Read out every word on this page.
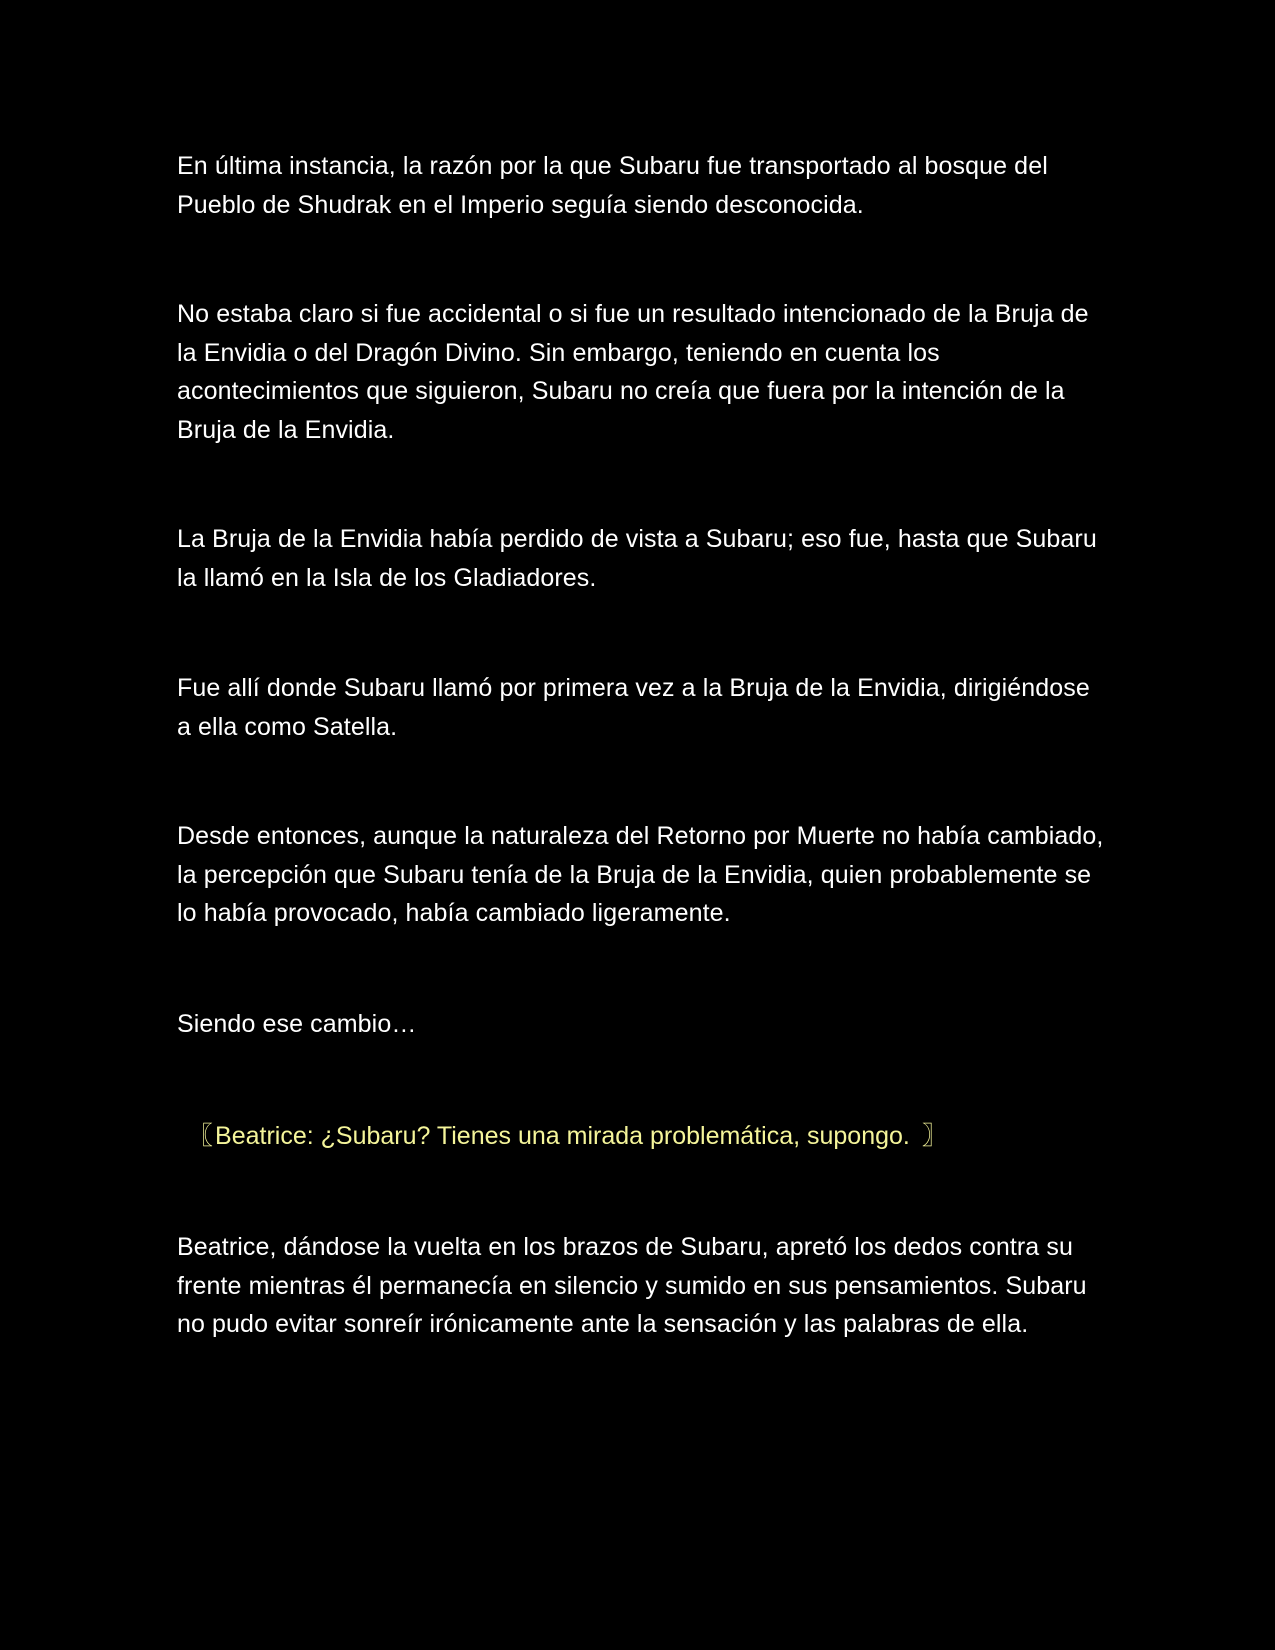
En última instancia, la razón por la que Subaru fue transportado al bosque del Pueblo de Shudrak en el Imperio seguía siendo desconocida.

No estaba claro si fue accidental o si fue un resultado intencionado de la Bruja de la Envidia o del Dragón Divino. Sin embargo, teniendo en cuenta los acontecimientos que siguieron, Subaru no creía que fuera por la intención de la Bruja de la Envidia.

La Bruja de la Envidia había perdido de vista a Subaru; eso fue, hasta que Subaru la llamó en la Isla de los Gladiadores.

Fue allí donde Subaru llamó por primera vez a la Bruja de la Envidia, dirigiéndose a ella como Satella.

Desde entonces, aunque la naturaleza del Retorno por Muerte no había cambiado, la percepción que Subaru tenía de la Bruja de la Envidia, quien probablemente se lo había provocado, había cambiado ligeramente.

Siendo ese cambio…

〖Beatrice: ¿Subaru? Tienes una mirada problemática, supongo. 〗

Beatrice, dándose la vuelta en los brazos de Subaru, apretó los dedos contra su frente mientras él permanecía en silencio y sumido en sus pensamientos. Subaru no pudo evitar sonreír irónicamente ante la sensación y las palabras de ella.
